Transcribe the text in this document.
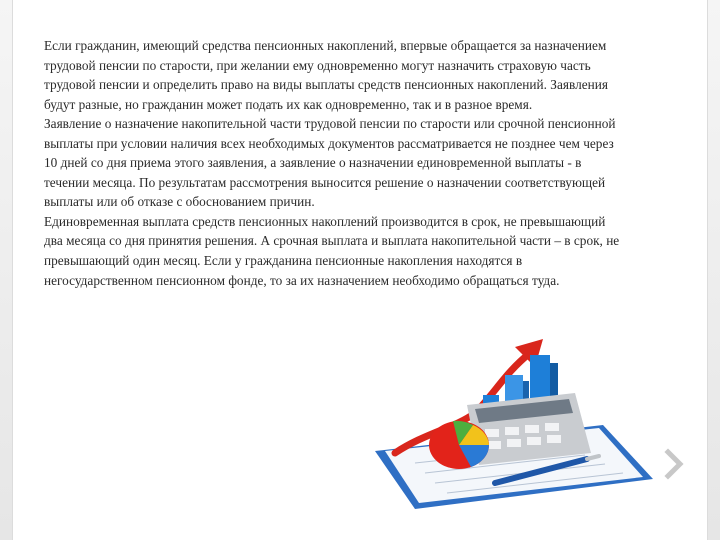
Если гражданин, имеющий средства пенсионных накоплений, впервые обращается за назначением трудовой пенсии по старости, при желании ему одновременно могут назначить страховую часть трудовой пенсии и определить право на виды выплаты средств пенсионных накоплений. Заявления будут разные, но гражданин может подать их как одновременно, так и в разное время.

Заявление о назначение накопительной части трудовой пенсии по старости или срочной пенсионной выплаты при условии наличия всех необходимых документов рассматривается не позднее чем через 10 дней со дня приема этого заявления, а заявление о назначении единовременной выплаты - в течении месяца. По результатам рассмотрения выносится решение о назначении соответствующей выплаты или об отказе с обоснованием причин.

Единовременная выплата средств пенсионных накоплений производится в срок, не превышающий два месяца со дня принятия решения. А срочная выплата и выплата накопительной части – в срок, не превышающий один месяц. Если у гражданина пенсионные накопления находятся в негосударственном пенсионном фонде, то за их назначением необходимо обращаться туда.
